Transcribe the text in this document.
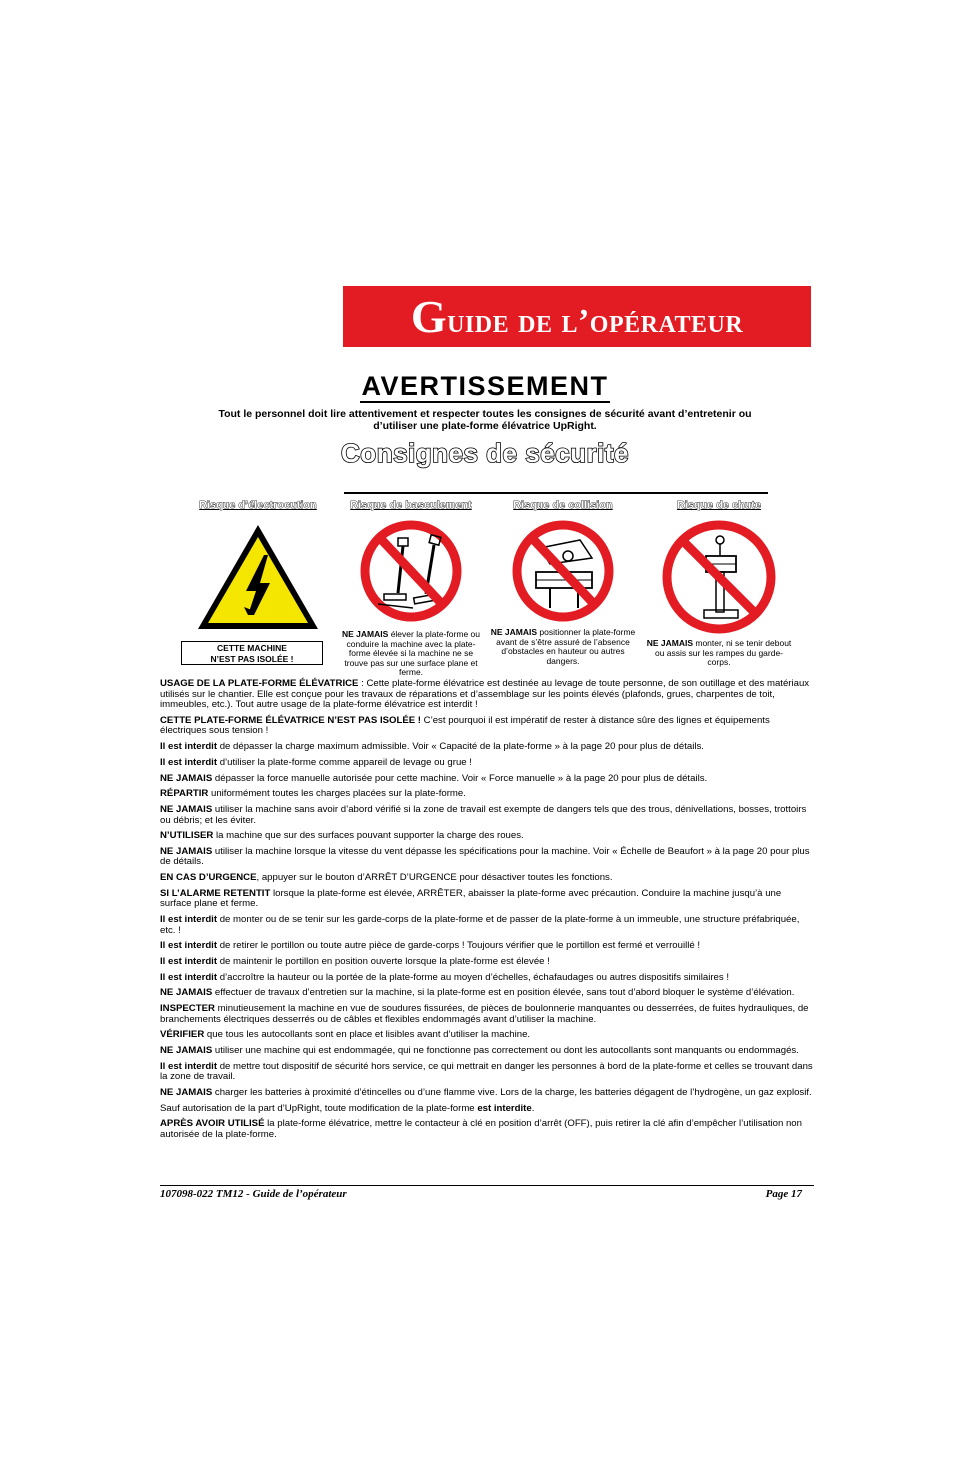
Guide de l’opérateur
AVERTISSEMENT
Tout le personnel doit lire attentivement et respecter toutes les consignes de sécurité avant d’entretenir ou d’utiliser une plate-forme élévatrice UpRight.
Consignes de sécurité
Risque d’électrocution
CETTE MACHINE
N’EST PAS ISOLÉE !
Risque de basculement
NE JAMAIS élever la plate-forme ou conduire la machine avec la plate-forme élevée si la machine ne se trouve pas sur une surface plane et ferme.
Risque de collision
NE JAMAIS positionner la plate-forme avant de s’être assuré de l’absence d’obstacles en hauteur ou autres dangers.
Risque de chute
NE JAMAIS monter, ni se tenir debout ou assis sur les rampes du garde-corps.

USAGE DE LA PLATE-FORME ÉLÉVATRICE : Cette plate-forme élévatrice est destinée au levage de toute personne, de son outillage et des matériaux utilisés sur le chantier. Elle est conçue pour les travaux de réparations et d’assemblage sur les points élevés (plafonds, grues, charpentes de toit, immeubles, etc.). Tout autre usage de la plate-forme élévatrice est interdit !

CETTE PLATE-FORME ÉLÉVATRICE N’EST PAS ISOLÉE ! C’est pourquoi il est impératif de rester à distance sûre des lignes et équipements électriques sous tension !

Il est interdit de dépasser la charge maximum admissible. Voir « Capacité de la plate-forme » à la page 20 pour plus de détails.

Il est interdit d’utiliser la plate-forme comme appareil de levage ou grue !

NE JAMAIS dépasser la force manuelle autorisée pour cette machine. Voir « Force manuelle » à la page 20 pour plus de détails.

RÉPARTIR uniformément toutes les charges placées sur la plate-forme.

NE JAMAIS utiliser la machine sans avoir d’abord vérifié si la zone de travail est exempte de dangers tels que des trous, dénivellations, bosses, trottoirs ou débris; et les éviter.

N’UTILISER la machine que sur des surfaces pouvant supporter la charge des roues.

NE JAMAIS utiliser la machine lorsque la vitesse du vent dépasse les spécifications pour la machine. Voir « Échelle de Beaufort » à la page 20 pour plus de détails.

EN CAS D’URGENCE, appuyer sur le bouton d’ARRÊT D’URGENCE pour désactiver toutes les fonctions.

SI L’ALARME RETENTIT lorsque la plate-forme est élevée, ARRÊTER, abaisser la plate-forme avec précaution. Conduire la machine jusqu’à une surface plane et ferme.

Il est interdit de monter ou de se tenir sur les garde-corps de la plate-forme et de passer de la plate-forme à un immeuble, une structure préfabriquée, etc. !

Il est interdit de retirer le portillon ou toute autre pièce de garde-corps ! Toujours vérifier que le portillon est fermé et verrouillé !

Il est interdit de maintenir le portillon en position ouverte lorsque la plate-forme est élevée !

Il est interdit d’accroître la hauteur ou la portée de la plate-forme au moyen d’échelles, échafaudages ou autres dispositifs similaires !

NE JAMAIS effectuer de travaux d’entretien sur la machine, si la plate-forme est en position élevée, sans tout d’abord bloquer le système d’élévation.

INSPECTER minutieusement la machine en vue de soudures fissurées, de pièces de boulonnerie manquantes ou desserrées, de fuites hydrauliques, de branchements électriques desserrés ou de câbles et flexibles endommagés avant d’utiliser la machine.

VÉRIFIER que tous les autocollants sont en place et lisibles avant d’utiliser la machine.

NE JAMAIS utiliser une machine qui est endommagée, qui ne fonctionne pas correctement ou dont les autocollants sont manquants ou endommagés.

Il est interdit de mettre tout dispositif de sécurité hors service, ce qui mettrait en danger les personnes à bord de la plate-forme et celles se trouvant dans la zone de travail.

NE JAMAIS charger les batteries à proximité d’étincelles ou d’une flamme vive. Lors de la charge, les batteries dégagent de l’hydrogène, un gaz explosif.

Sauf autorisation de la part d’UpRight, toute modification de la plate-forme est interdite.

APRÈS AVOIR UTILISÉ la plate-forme élévatrice, mettre le contacteur à clé en position d’arrêt (OFF), puis retirer la clé afin d’empêcher l’utilisation non autorisée de la plate-forme.

107098-022 TM12 - Guide de l’opérateur	Page 17
